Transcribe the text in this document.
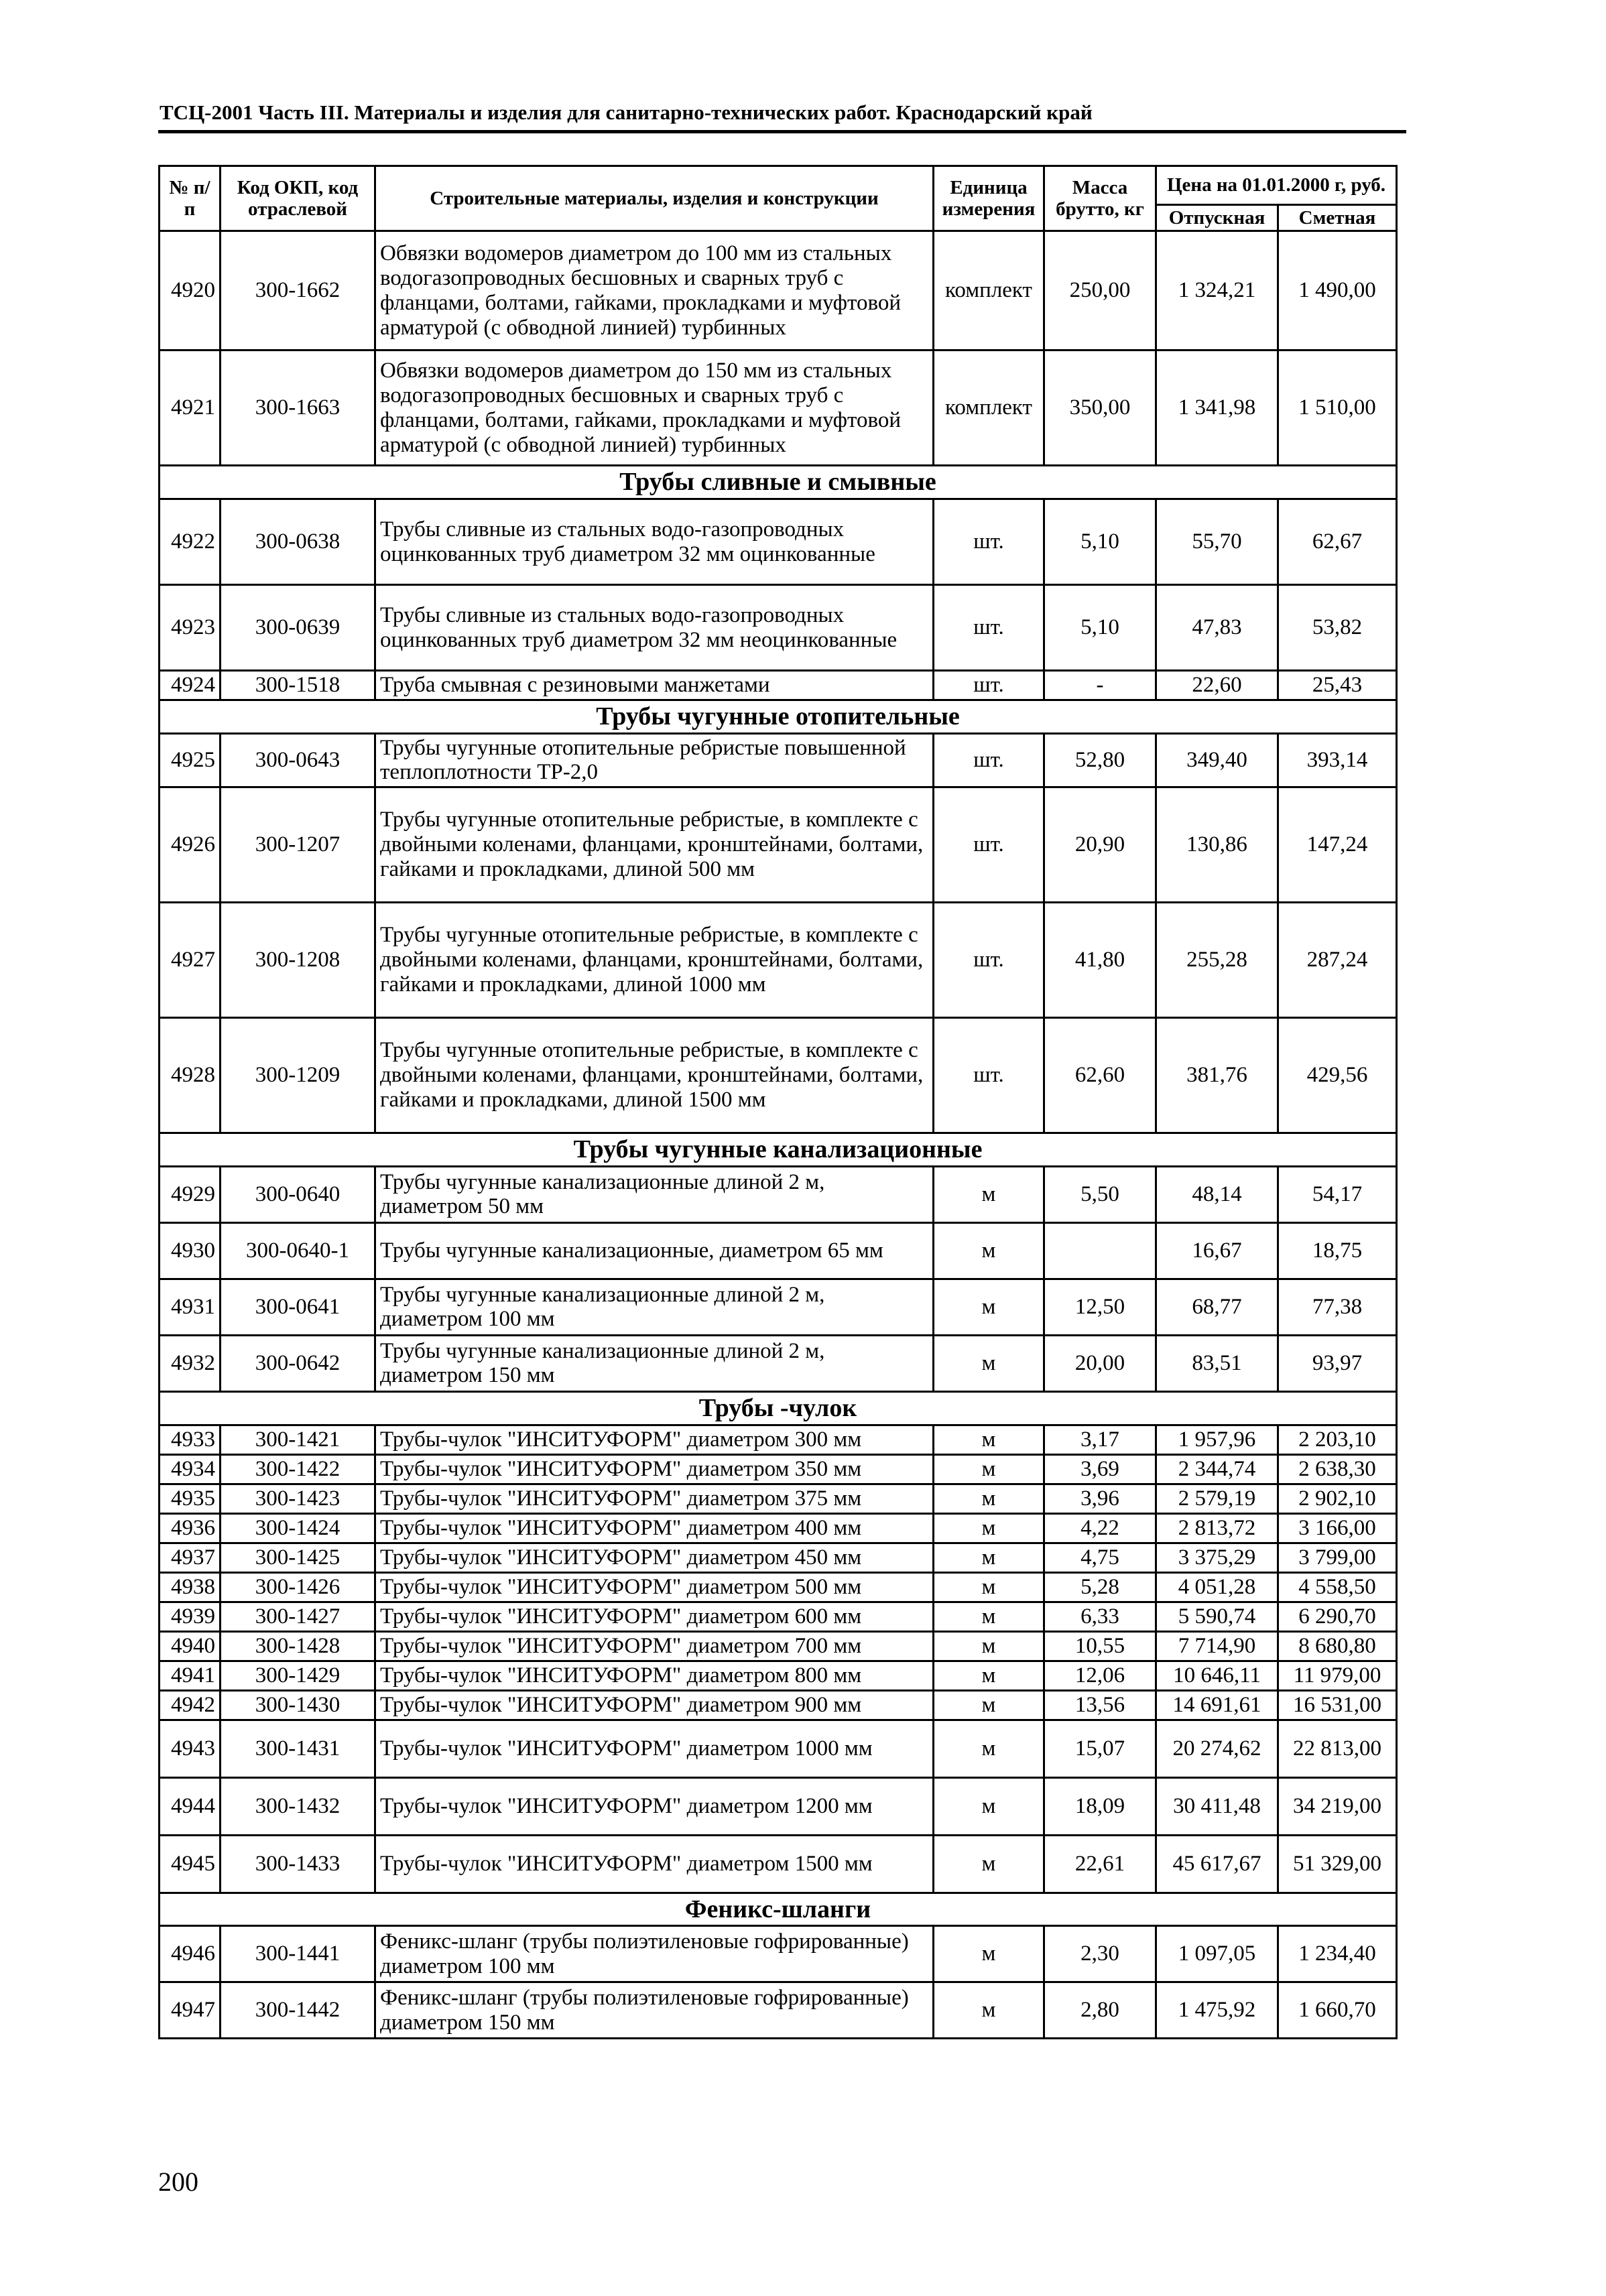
ТСЦ-2001 Часть III. Материалы и изделия для санитарно-технических работ. Краснодарский край
№ п/п	Код ОКП, код отраслевой	Строительные материалы, изделия и конструкции	Единица измерения	Масса брутто, кг	Цена на 01.01.2000 г, руб.	
					Отпускная	Сметная
4920	300-1662	Обвязки водомеров диаметром до 100 мм из стальных водогазопроводных бесшовных и сварных труб с фланцами, болтами, гайками, прокладками и муфтовой арматурой (с обводной линией) турбинных	комплект	250,00	1 324,21	1 490,00
4921	300-1663	Обвязки водомеров диаметром до 150 мм из стальных водогазопроводных бесшовных и сварных труб с фланцами, болтами, гайками, прокладками и муфтовой арматурой (с обводной линией) турбинных	комплект	350,00	1 341,98	1 510,00
Трубы сливные и смывные						
4922	300-0638	Трубы сливные из стальных водо-газопроводных оцинкованных труб диаметром 32 мм оцинкованные	шт.	5,10	55,70	62,67
4923	300-0639	Трубы сливные из стальных водо-газопроводных оцинкованных труб диаметром 32 мм неоцинкованные	шт.	5,10	47,83	53,82
4924	300-1518	Труба смывная с резиновыми манжетами	шт.	-	22,60	25,43
Трубы чугунные отопительные						
4925	300-0643	Трубы чугунные отопительные ребристые повышенной теплоплотности ТР-2,0	шт.	52,80	349,40	393,14
4926	300-1207	Трубы чугунные отопительные ребристые, в комплекте с двойными коленами, фланцами, кронштейнами, болтами, гайками и прокладками, длиной 500 мм	шт.	20,90	130,86	147,24
4927	300-1208	Трубы чугунные отопительные ребристые, в комплекте с двойными коленами, фланцами, кронштейнами, болтами, гайками и прокладками, длиной 1000 мм	шт.	41,80	255,28	287,24
4928	300-1209	Трубы чугунные отопительные ребристые, в комплекте с двойными коленами, фланцами, кронштейнами, болтами, гайками и прокладками, длиной 1500 мм	шт.	62,60	381,76	429,56
Трубы чугунные канализационные						
4929	300-0640	Трубы чугунные канализационные длиной 2 м, диаметром 50 мм	м	5,50	48,14	54,17
4930	300-0640-1	Трубы чугунные канализационные, диаметром 65 мм	м		16,67	18,75
4931	300-0641	Трубы чугунные канализационные длиной 2 м, диаметром 100 мм	м	12,50	68,77	77,38
4932	300-0642	Трубы чугунные канализационные длиной 2 м, диаметром 150 мм	м	20,00	83,51	93,97
Трубы -чулок						
4933	300-1421	Трубы-чулок "ИНСИТУФОРМ" диаметром 300 мм	м	3,17	1 957,96	2 203,10
4934	300-1422	Трубы-чулок "ИНСИТУФОРМ" диаметром 350 мм	м	3,69	2 344,74	2 638,30
4935	300-1423	Трубы-чулок "ИНСИТУФОРМ" диаметром 375 мм	м	3,96	2 579,19	2 902,10
4936	300-1424	Трубы-чулок "ИНСИТУФОРМ" диаметром 400 мм	м	4,22	2 813,72	3 166,00
4937	300-1425	Трубы-чулок "ИНСИТУФОРМ" диаметром 450 мм	м	4,75	3 375,29	3 799,00
4938	300-1426	Трубы-чулок "ИНСИТУФОРМ" диаметром 500 мм	м	5,28	4 051,28	4 558,50
4939	300-1427	Трубы-чулок "ИНСИТУФОРМ" диаметром 600 мм	м	6,33	5 590,74	6 290,70
4940	300-1428	Трубы-чулок "ИНСИТУФОРМ" диаметром 700 мм	м	10,55	7 714,90	8 680,80
4941	300-1429	Трубы-чулок "ИНСИТУФОРМ" диаметром 800 мм	м	12,06	10 646,11	11 979,00
4942	300-1430	Трубы-чулок "ИНСИТУФОРМ" диаметром 900 мм	м	13,56	14 691,61	16 531,00
4943	300-1431	Трубы-чулок "ИНСИТУФОРМ" диаметром 1000 мм	м	15,07	20 274,62	22 813,00
4944	300-1432	Трубы-чулок "ИНСИТУФОРМ" диаметром 1200 мм	м	18,09	30 411,48	34 219,00
4945	300-1433	Трубы-чулок "ИНСИТУФОРМ" диаметром 1500 мм	м	22,61	45 617,67	51 329,00
Феникс-шланги						
4946	300-1441	Феникс-шланг (трубы полиэтиленовые гофрированные) диаметром 100 мм	м	2,30	1 097,05	1 234,40
4947	300-1442	Феникс-шланг (трубы полиэтиленовые гофрированные) диаметром 150 мм	м	2,80	1 475,92	1 660,70
200
